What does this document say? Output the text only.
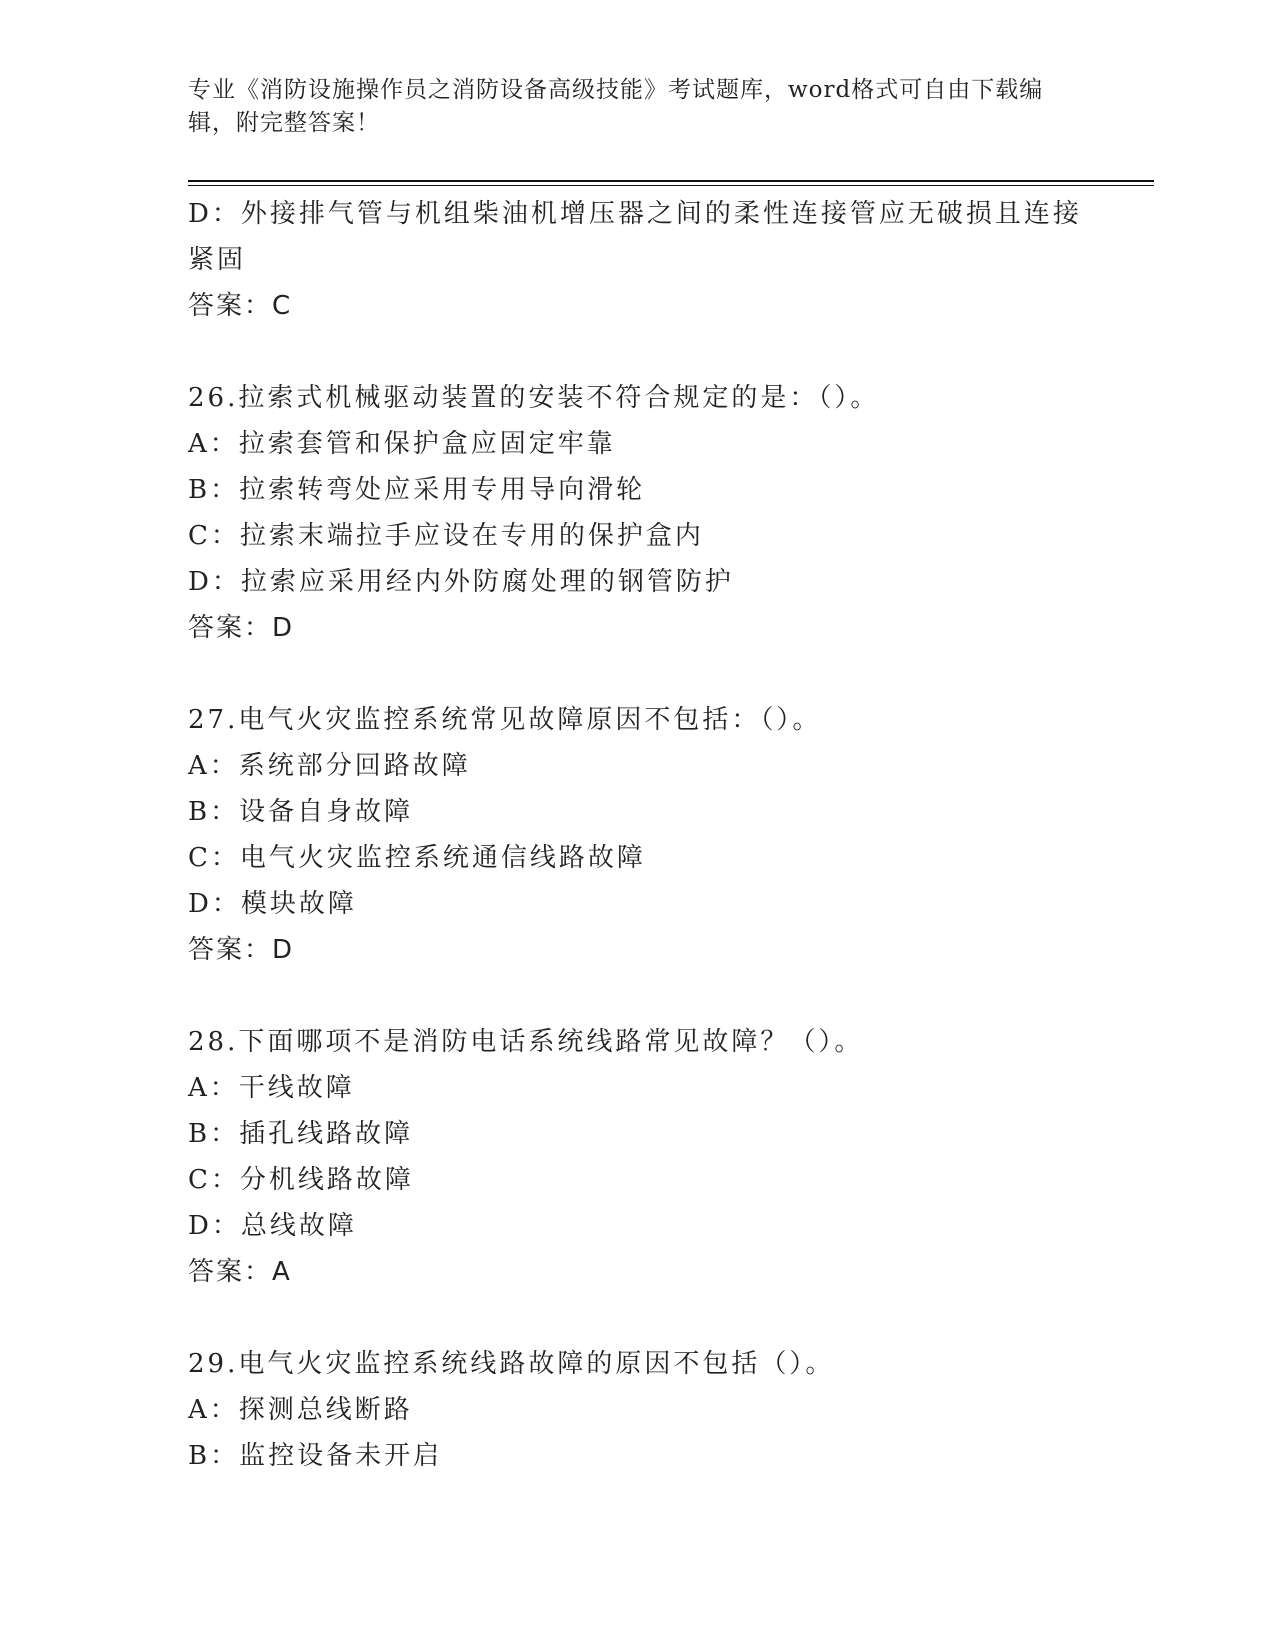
专业《消防设施操作员之消防设备高级技能》考试题库，word格式可自由下载编辑，附完整答案！
D：外接排气管与机组柴油机增压器之间的柔性连接管应无破损且连接
紧固
答案：C
26.拉索式机械驱动装置的安装不符合规定的是：（）。
A：拉索套管和保护盒应固定牢靠
B：拉索转弯处应采用专用导向滑轮
C：拉索末端拉手应设在专用的保护盒内
D：拉索应采用经内外防腐处理的钢管防护
答案：D
27.电气火灾监控系统常见故障原因不包括：（）。
A：系统部分回路故障
B：设备自身故障
C：电气火灾监控系统通信线路故障
D：模块故障
答案：D
28.下面哪项不是消防电话系统线路常见故障？（）。
A：干线故障
B：插孔线路故障
C：分机线路故障
D：总线故障
答案：A
29.电气火灾监控系统线路故障的原因不包括（）。
A：探测总线断路
B：监控设备未开启
